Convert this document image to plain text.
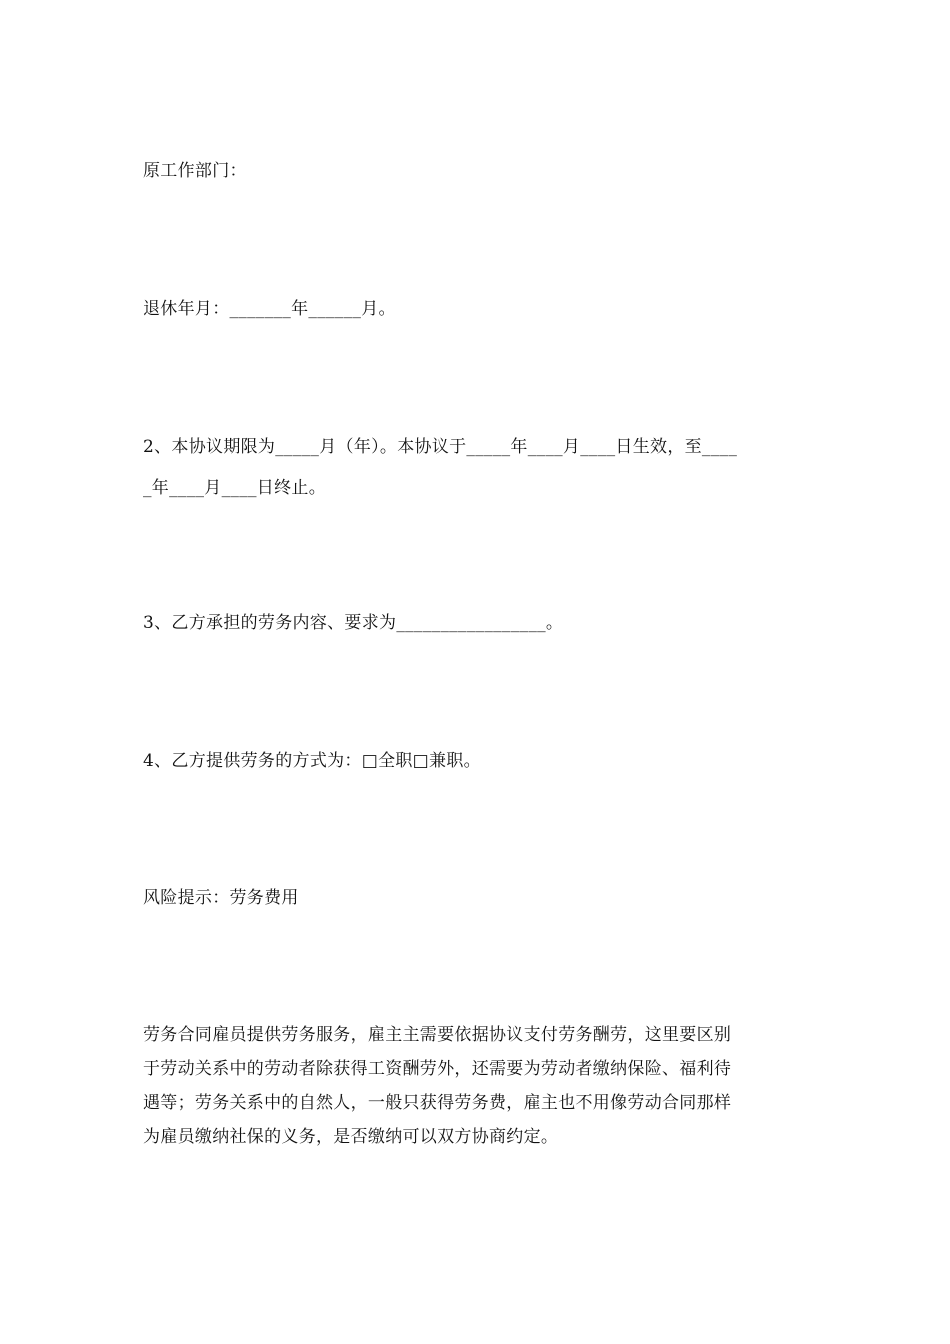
原工作部门：
退休年月：_______年______月。
2、本协议期限为_____月（年）。本协议于_____年____月____日生效，至____
_年____月____日终止。
3、乙方承担的劳务内容、要求为_________________。
4、乙方提供劳务的方式为：□全职□兼职。
风险提示：劳务费用
劳务合同雇员提供劳务服务，雇主主需要依据协议支付劳务酬劳，这里要区别
于劳动关系中的劳动者除获得工资酬劳外，还需要为劳动者缴纳保险、福利待
遇等；劳务关系中的自然人，一般只获得劳务费，雇主也不用像劳动合同那样
为雇员缴纳社保的义务，是否缴纳可以双方协商约定。
